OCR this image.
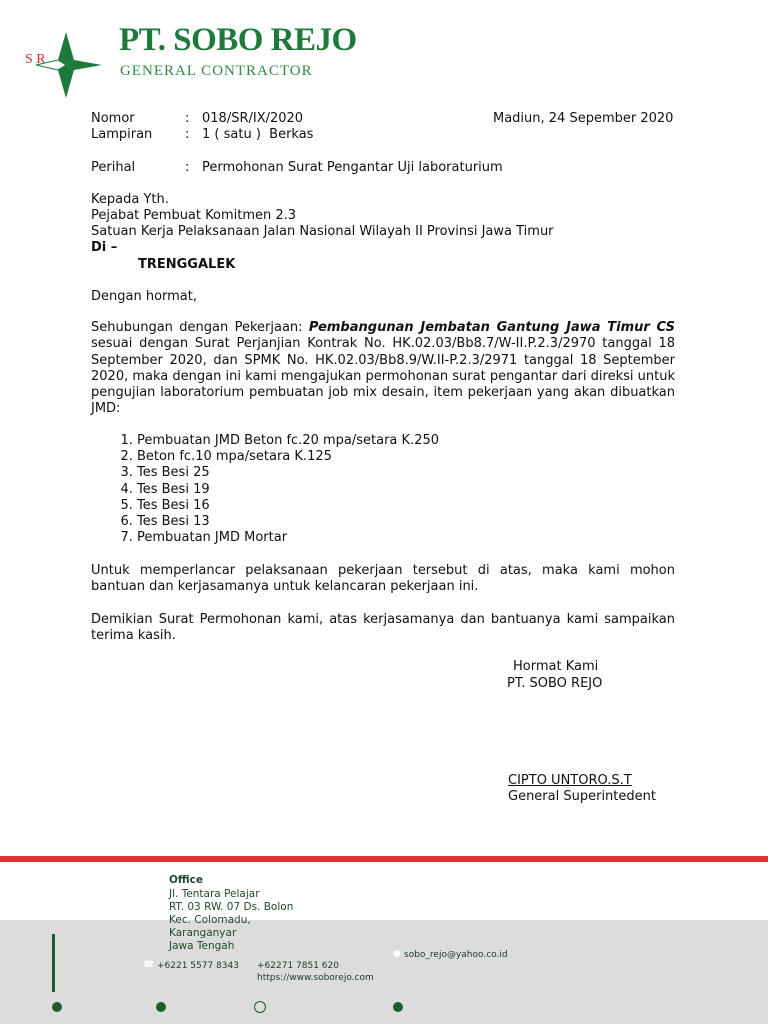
S R
PT. SOBO REJO
GENERAL CONTRACTOR
Nomor	: 018/SR/IX/2020	Madiun, 24 Sepember 2020
Lampiran	: 1 ( satu )  Berkas
Perihal	: Permohonan Surat Pengantar Uji laboraturium
Kepada Yth.
Pejabat Pembuat Komitmen 2.3
Satuan Kerja Pelaksanaan Jalan Nasional Wilayah II Provinsi Jawa Timur
Di –
TRENGGALEK
Dengan hormat,
Sehubungan dengan Pekerjaan: Pembangunan Jembatan Gantung Jawa Timur CS sesuai dengan Surat Perjanjian Kontrak No. HK.02.03/Bb8.7/W-II.P.2.3/2970 tanggal 18 September 2020, dan SPMK No. HK.02.03/Bb8.9/W.II-P.2.3/2971 tanggal 18 September 2020, maka dengan ini kami mengajukan permohonan surat pengantar dari direksi untuk pengujian laboratorium pembuatan job mix desain, item pekerjaan yang akan dibuatkan JMD:
1. Pembuatan JMD Beton fc.20 mpa/setara K.250
2. Beton fc.10 mpa/setara K.125
3. Tes Besi 25
4. Tes Besi 19
5. Tes Besi 16
6. Tes Besi 13
7. Pembuatan JMD Mortar
Untuk memperlancar pelaksanaan pekerjaan tersebut di atas, maka kami mohon bantuan dan kerjasamanya untuk kelancaran pekerjaan ini.
Demikian Surat Permohonan kami, atas kerjasamanya dan bantuanya kami sampaikan terima kasih.
Hormat Kami
PT. SOBO REJO
CIPTO UNTORO.S.T
General Superintedent
Office
Jl. Tentara Pelajar
RT. 03 RW. 07 Ds. Bolon
Kec. Colomadu,
Karanganyar
Jawa Tengah
☎ +6221 5577 8343 +62271 7851 620
https://www.soborejo.com
● sobo_rejo@yahoo.co.id
